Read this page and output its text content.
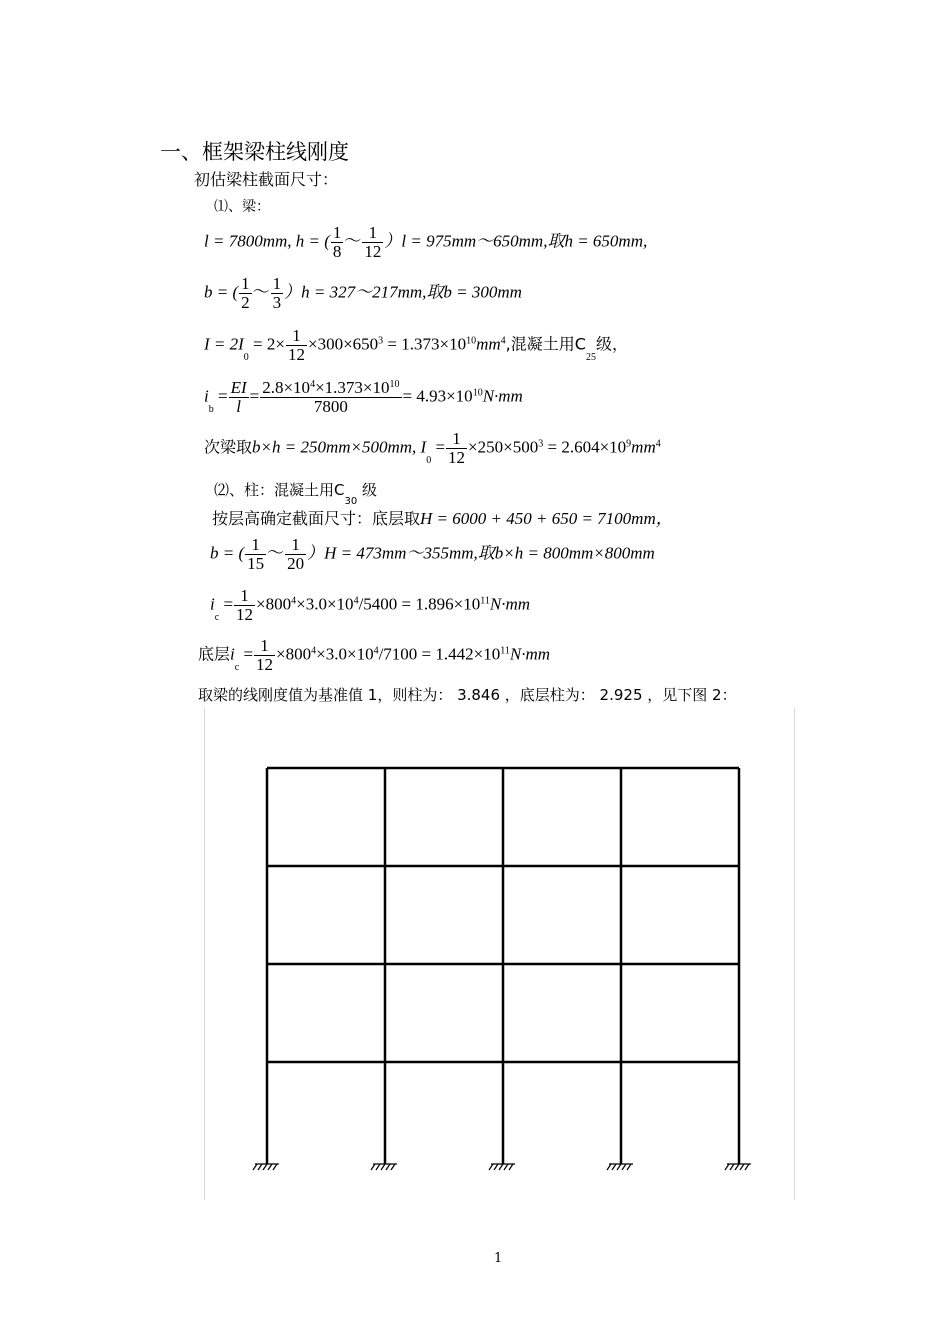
一、框架梁柱线刚度
初估梁柱截面尺寸：
⑴、梁：
l = 7800mm, h = ( $\frac{1}{8}$ ～ $\frac{1}{12} )l$ = 975mm～650mm,取h = 650mm,
b = ( $\frac{1}{2}$ ～ $\frac{1}{3} )h$ = 327～217mm,取b = 300mm
$I = 2I_0 = 2\times \frac{1}{12} \times 300\times 650^3 = 1.373\times 10^{10}mm^4$,混凝土用$C_{25}$级，
$i_b = \frac{EI}{l} = \frac{2.8\times 10^4\times 1.373\times 10^{10}}{7800} = 4.93\times 10^{10}N\cdot mm$
次梁取b×h = 250mm×500mm, $I_0 = \frac{1}{12} \times 250\times 500^3 = 2.604\times 10^9mm^4$
⑵、柱：混凝土用$C_{30}$ 级
按层高确定截面尺寸：底层取H = 6000 + 450 + 650 = 7100mm，
b = ( $\frac{1}{15}$ ～ $\frac{1}{20} )H$ = 473mm～355mm,取b×h = 800mm×800mm
$i_c = \frac{1}{12} \times 800^4\times 3.0\times 10^4/5400 = 1.896\times 10^{11}N\cdot mm$
底层$i_c = \frac{1}{12} \times 800^4\times 3.0\times 10^4/7100 = 1.442\times 10^{11}N\cdot mm$
取梁的线刚度值为基准值 1，则柱为： 3.846 ，底层柱为： 2.925 ，见下图 2：
1
